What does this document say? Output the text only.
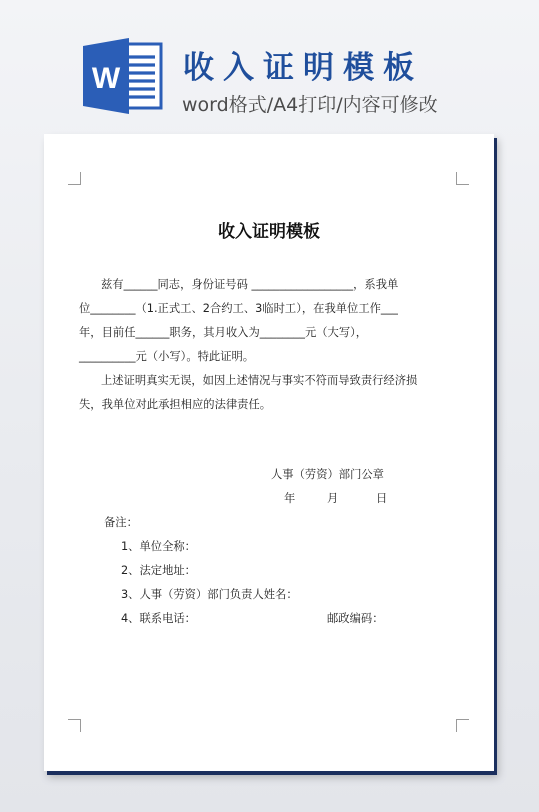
W 收入证明模板
word格式/A4打印/内容可修改
收入证明模板
兹有______同志，身份证号码 __________________，系我单
位________（1.正式工、2合约工、3临时工），在我单位工作___
年，目前任______职务，其月收入为________元（大写），
__________元（小写）。特此证明。
上述证明真实无误，如因上述情况与事实不符而导致责行经济损
失，我单位对此承担相应的法律责任。
人事（劳资）部门公章
年	月	日
备注：
1、单位全称：
2、法定地址：
3、人事（劳资）部门负责人姓名：
4、联系电话：	邮政编码：
